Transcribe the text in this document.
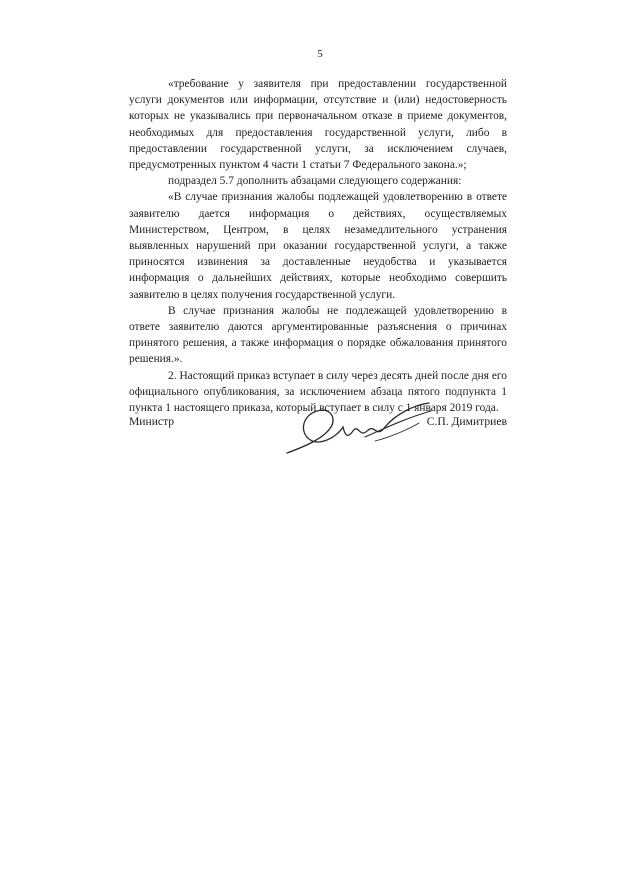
5

«требование у заявителя при предоставлении государственной услуги документов или информации, отсутствие и (или) недостоверность которых не указывались при первоначальном отказе в приеме документов, необходимых для предоставления государственной услуги, либо в предоставлении государственной услуги, за исключением случаев, предусмотренных пунктом 4 части 1 статьи 7 Федерального закона.»;

подраздел 5.7 дополнить абзацами следующего содержания:

«В случае признания жалобы подлежащей удовлетворению в ответе заявителю дается информация о действиях, осуществляемых Министерством, Центром, в целях незамедлительного устранения выявленных нарушений при оказании государственной услуги, а также приносятся извинения за доставленные неудобства и указывается информация о дальнейших действиях, которые необходимо совершить заявителю в целях получения государственной услуги.

В случае признания жалобы не подлежащей удовлетворению в ответе заявителю даются аргументированные разъяснения о причинах принятого решения, а также информация о порядке обжалования принятого решения.».

2. Настоящий приказ вступает в силу через десять дней после дня его официального опубликования, за исключением абзаца пятого подпункта 1 пункта 1 настоящего приказа, который вступает в силу с 1 января 2019 года.

Министр	С.П. Димитриев
